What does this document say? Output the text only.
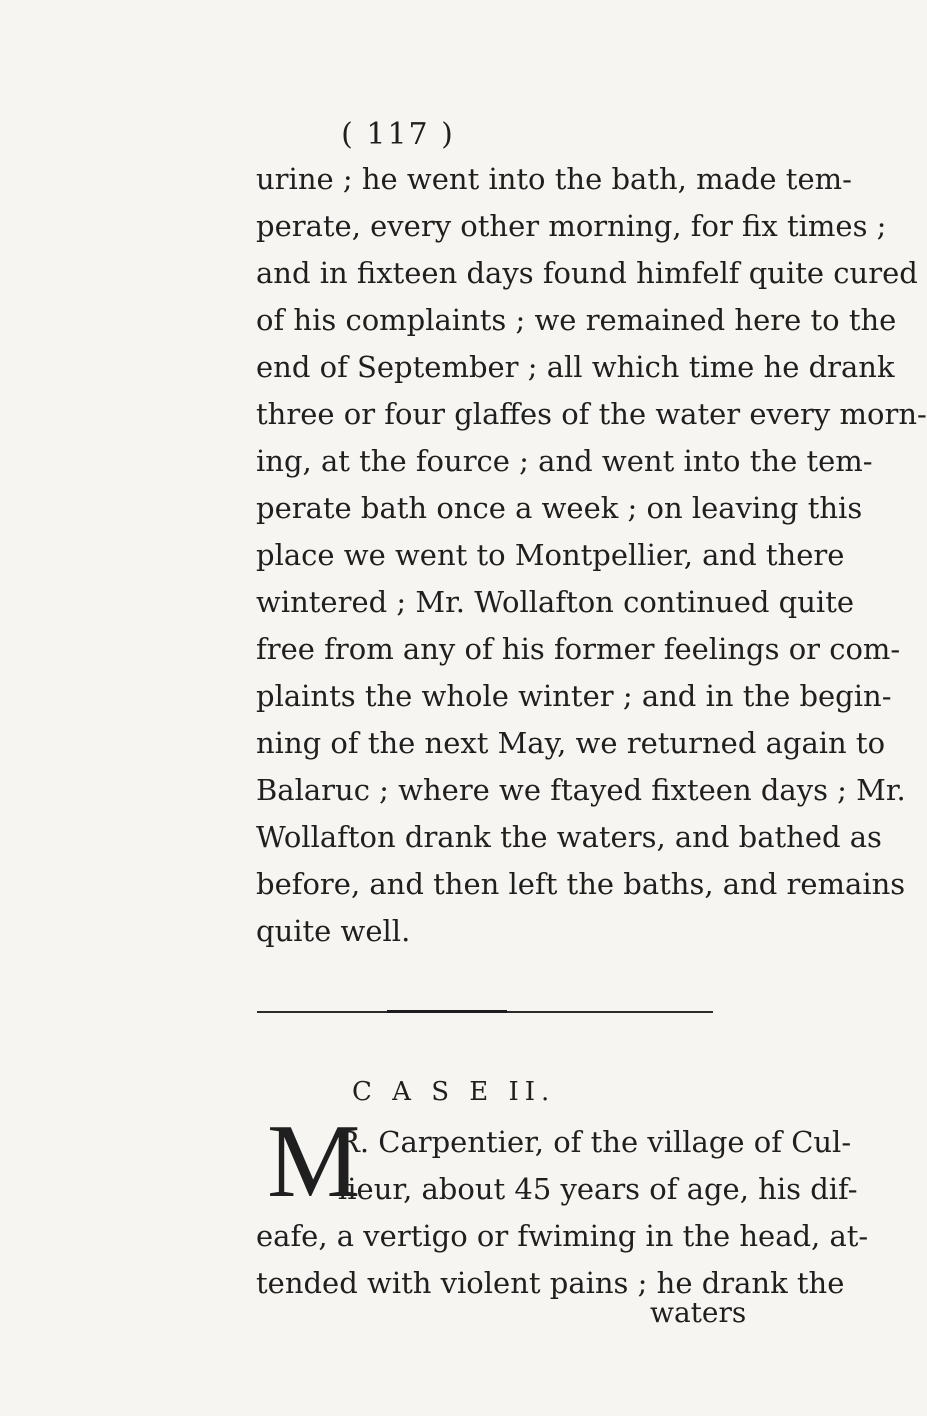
( 117 )
urine ; he went into the bath, made tem-
perate, every other morning, for fix times ;
and in fixteen days found himfelf quite cured
of his complaints ; we remained here to the
end of September ; all which time he drank
three or four glaffes of the water every morn-
ing, at the fource ; and went into the tem-
perate bath once a week ; on leaving this
place we went to Montpellier, and there
wintered ; Mr. Wollafton continued quite
free from any of his former feelings or com-
plaints the whole winter ; and in the begin-
ning of the next May, we returned again to
Balaruc ; where we ftayed fixteen days ; Mr.
Wollafton drank the waters, and bathed as
before, and then left the baths, and remains
quite well.
C A S E II.
M
R. Carpentier, of the village of Cul-
lieur, about 45 years of age, his dif-
eafe, a vertigo or fwiming in the head, at-
tended with violent pains ; he drank the
waters
